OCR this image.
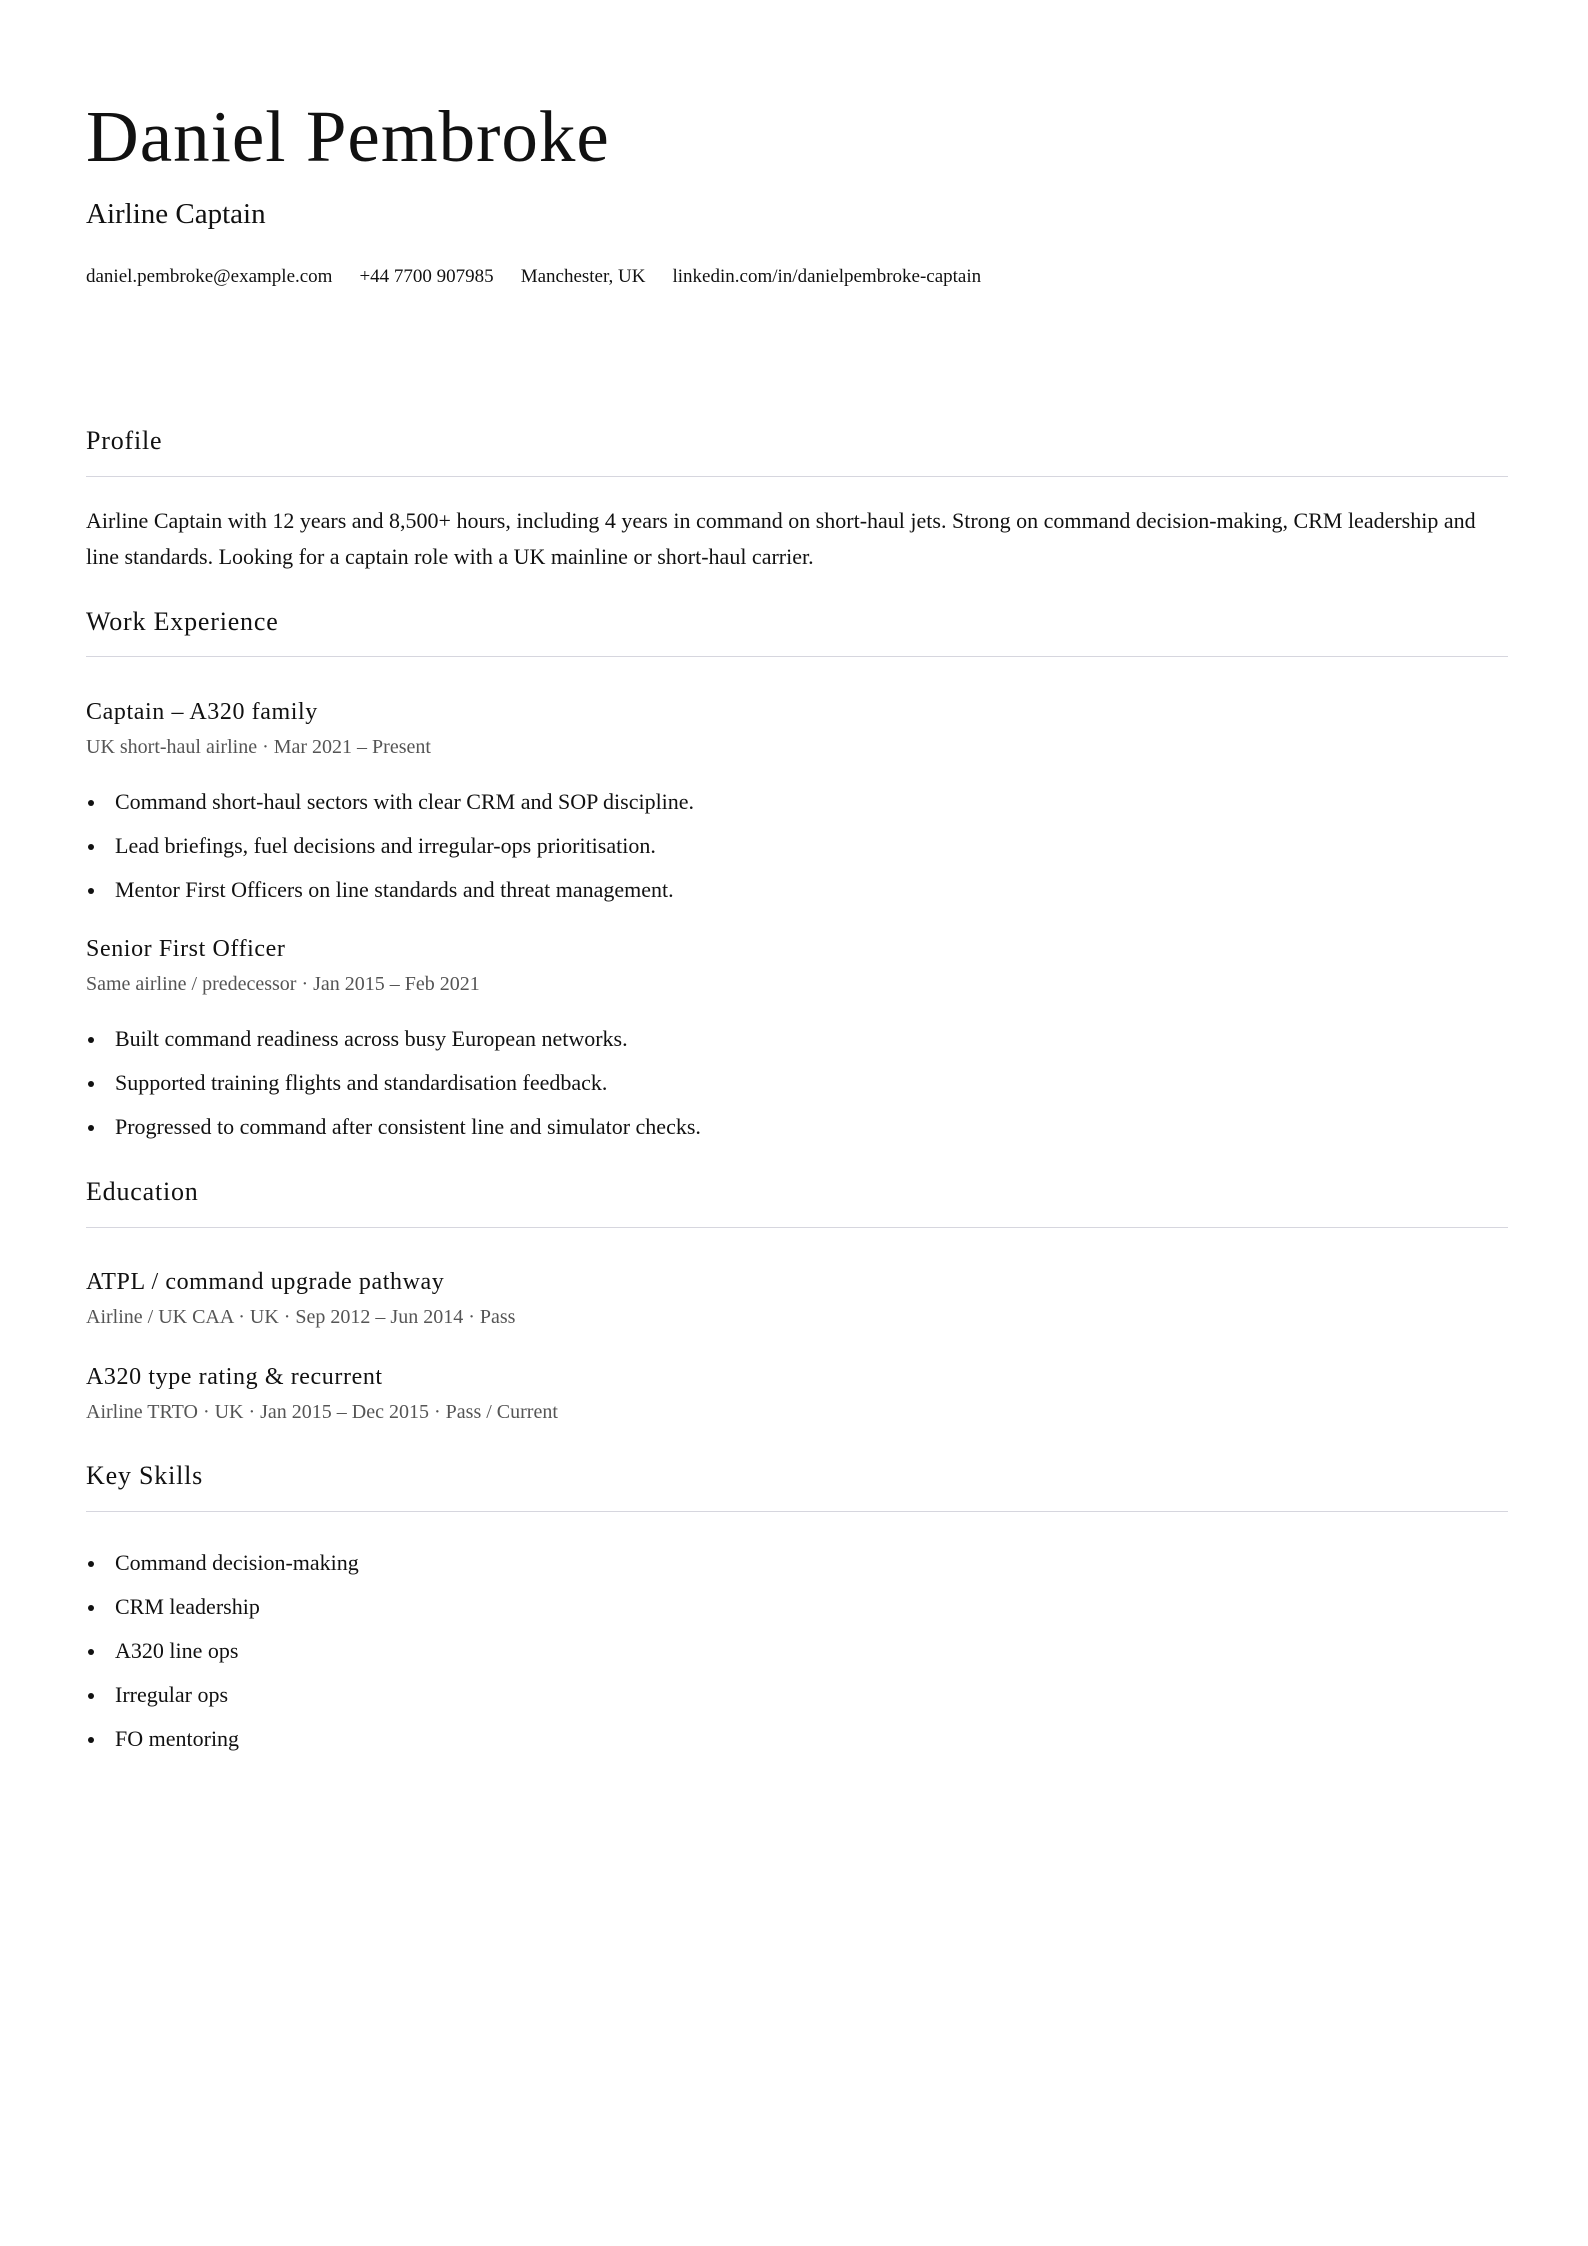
Daniel Pembroke
Airline Captain
daniel.pembroke@example.com +44 7700 907985 Manchester, UK linkedin.com/in/danielpembroke-captain
Profile
Airline Captain with 12 years and 8,500+ hours, including 4 years in command on short-haul jets. Strong on command decision-making, CRM leadership and line standards. Looking for a captain role with a UK mainline or short-haul carrier.
Work Experience
Captain – A320 family
UK short-haul airline · Mar 2021 – Present
Command short-haul sectors with clear CRM and SOP discipline.
Lead briefings, fuel decisions and irregular-ops prioritisation.
Mentor First Officers on line standards and threat management.
Senior First Officer
Same airline / predecessor · Jan 2015 – Feb 2021
Built command readiness across busy European networks.
Supported training flights and standardisation feedback.
Progressed to command after consistent line and simulator checks.
Education
ATPL / command upgrade pathway
Airline / UK CAA · UK · Sep 2012 – Jun 2014 · Pass
A320 type rating & recurrent
Airline TRTO · UK · Jan 2015 – Dec 2015 · Pass / Current
Key Skills
Command decision-making
CRM leadership
A320 line ops
Irregular ops
FO mentoring
